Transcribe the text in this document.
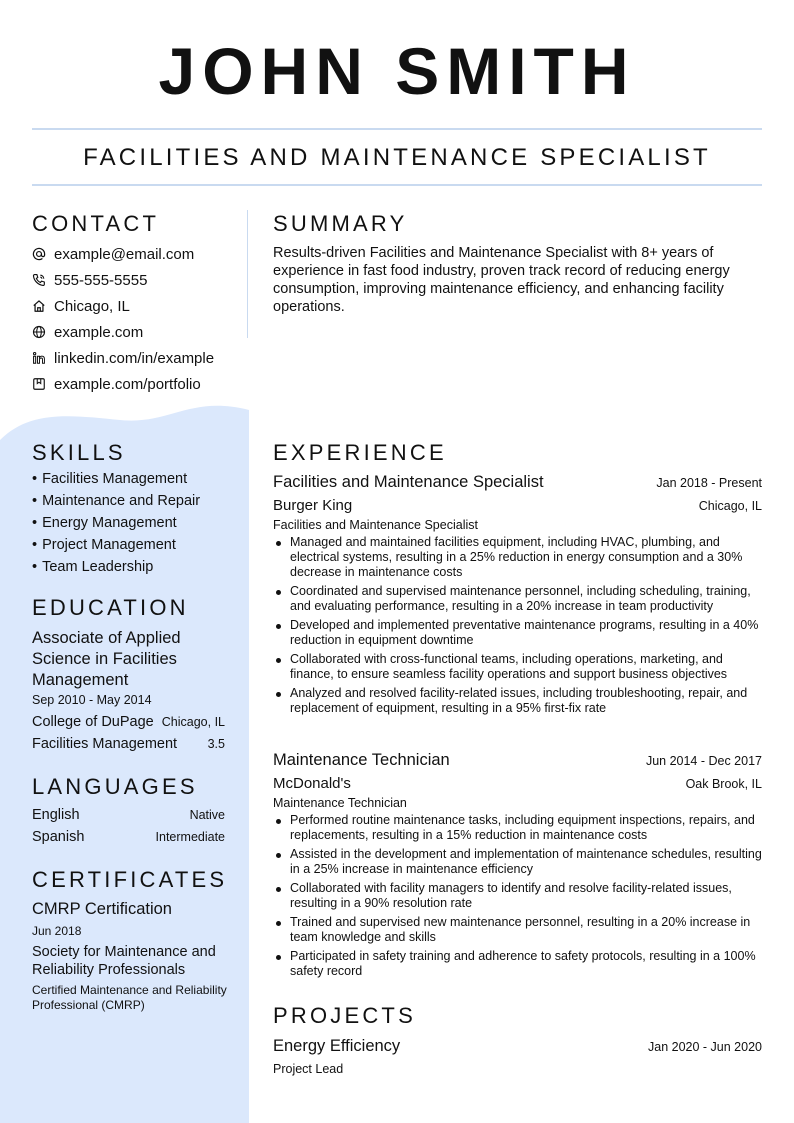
JOHN SMITH
FACILITIES AND MAINTENANCE SPECIALIST
CONTACT
example@email.com
555-555-5555
Chicago, IL
example.com
linkedin.com/in/example
example.com/portfolio
SKILLS
• Facilities Management
• Maintenance and Repair
• Energy Management
• Project Management
• Team Leadership
EDUCATION
Associate of Applied Science in Facilities Management
Sep 2010 - May 2014
College of DuPage Chicago, IL
Facilities Management 3.5
LANGUAGES
English	Native
Spanish	Intermediate
CERTIFICATES
CMRP Certification
Jun 2018
Society for Maintenance and Reliability Professionals
Certified Maintenance and Reliability Professional (CMRP)
SUMMARY
Results-driven Facilities and Maintenance Specialist with 8+ years of experience in fast food industry, proven track record of reducing energy consumption, improving maintenance efficiency, and enhancing facility operations.
EXPERIENCE
Facilities and Maintenance Specialist	Jan 2018 - Present
Burger King	Chicago, IL
Facilities and Maintenance Specialist
Managed and maintained facilities equipment, including HVAC, plumbing, and electrical systems, resulting in a 25% reduction in energy consumption and a 30% decrease in maintenance costs
Coordinated and supervised maintenance personnel, including scheduling, training, and evaluating performance, resulting in a 20% increase in team productivity
Developed and implemented preventative maintenance programs, resulting in a 40% reduction in equipment downtime
Collaborated with cross-functional teams, including operations, marketing, and finance, to ensure seamless facility operations and support business objectives
Analyzed and resolved facility-related issues, including troubleshooting, repair, and replacement of equipment, resulting in a 95% first-fix rate
Maintenance Technician	Jun 2014 - Dec 2017
McDonald's	Oak Brook, IL
Maintenance Technician
Performed routine maintenance tasks, including equipment inspections, repairs, and replacements, resulting in a 15% reduction in maintenance costs
Assisted in the development and implementation of maintenance schedules, resulting in a 25% increase in maintenance efficiency
Collaborated with facility managers to identify and resolve facility-related issues, resulting in a 90% resolution rate
Trained and supervised new maintenance personnel, resulting in a 20% increase in team knowledge and skills
Participated in safety training and adherence to safety protocols, resulting in a 100% safety record
PROJECTS
Energy Efficiency	Jan 2020 - Jun 2020
Project Lead
